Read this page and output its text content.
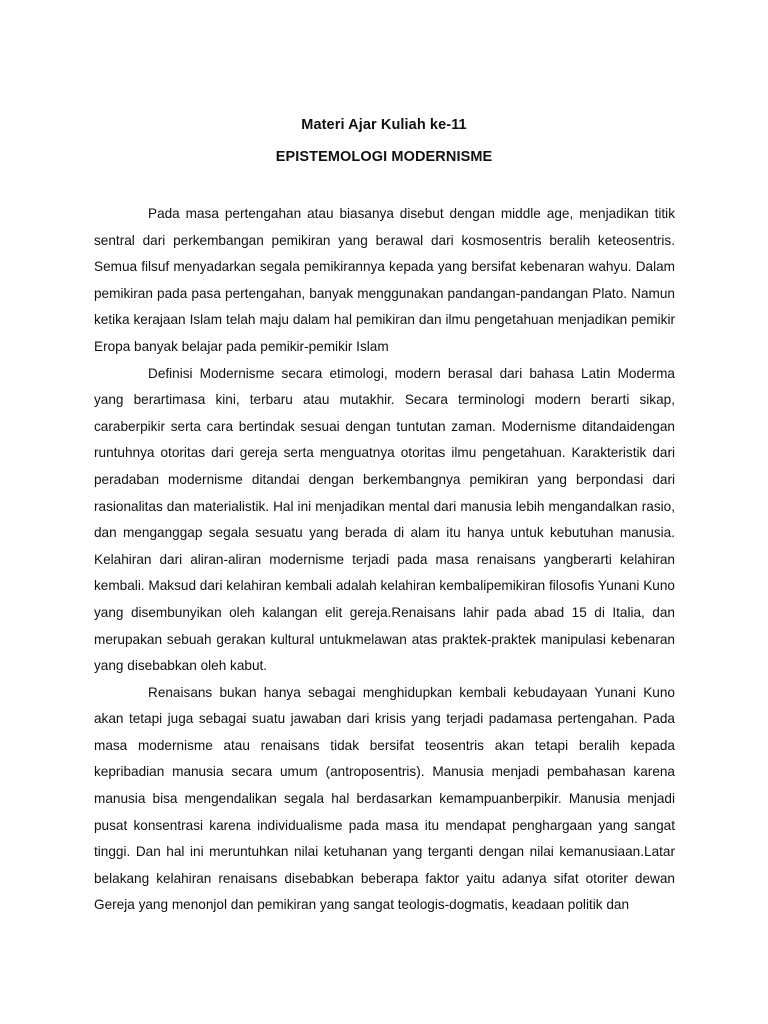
Materi Ajar Kuliah ke-11
EPISTEMOLOGI MODERNISME

Pada masa pertengahan atau biasanya disebut dengan middle age, menjadikan titik sentral dari perkembangan pemikiran yang berawal dari kosmosentris beralih keteosentris. Semua filsuf menyadarkan segala pemikirannya kepada yang bersifat kebenaran wahyu. Dalam pemikiran pada pasa pertengahan, banyak menggunakan pandangan-pandangan Plato. Namun ketika kerajaan Islam telah maju dalam hal pemikiran dan ilmu pengetahuan menjadikan pemikir Eropa banyak belajar pada pemikir-pemikir Islam

Definisi Modernisme secara etimologi, modern berasal dari bahasa Latin Moderma yang berartimasa kini, terbaru atau mutakhir. Secara terminologi modern berarti sikap, caraberpikir serta cara bertindak sesuai dengan tuntutan zaman. Modernisme ditandaidengan runtuhnya otoritas dari gereja serta menguatnya otoritas ilmu pengetahuan. Karakteristik dari peradaban modernisme ditandai dengan berkembangnya pemikiran yang berpondasi dari rasionalitas dan materialistik. Hal ini menjadikan mental dari manusia lebih mengandalkan rasio, dan menganggap segala sesuatu yang berada di alam itu hanya untuk kebutuhan manusia. Kelahiran dari aliran-aliran modernisme terjadi pada masa renaisans yangberarti kelahiran kembali. Maksud dari kelahiran kembali adalah kelahiran kembalipemikiran filosofis Yunani Kuno yang disembunyikan oleh kalangan elit gereja.Renaisans lahir pada abad 15 di Italia, dan merupakan sebuah gerakan kultural untukmelawan atas praktek-praktek manipulasi kebenaran yang disebabkan oleh kabut.

Renaisans bukan hanya sebagai menghidupkan kembali kebudayaan Yunani Kuno akan tetapi juga sebagai suatu jawaban dari krisis yang terjadi padamasa pertengahan. Pada masa modernisme atau renaisans tidak bersifat teosentris akan tetapi beralih kepada kepribadian manusia secara umum (antroposentris). Manusia menjadi pembahasan karena manusia bisa mengendalikan segala hal berdasarkan kemampuanberpikir. Manusia menjadi pusat konsentrasi karena individualisme pada masa itu mendapat penghargaan yang sangat tinggi. Dan hal ini meruntuhkan nilai ketuhanan yang terganti dengan nilai kemanusiaan.Latar belakang kelahiran renaisans disebabkan beberapa faktor yaitu adanya sifat otoriter dewan Gereja yang menonjol dan pemikiran yang sangat teologis-dogmatis, keadaan politik dan
